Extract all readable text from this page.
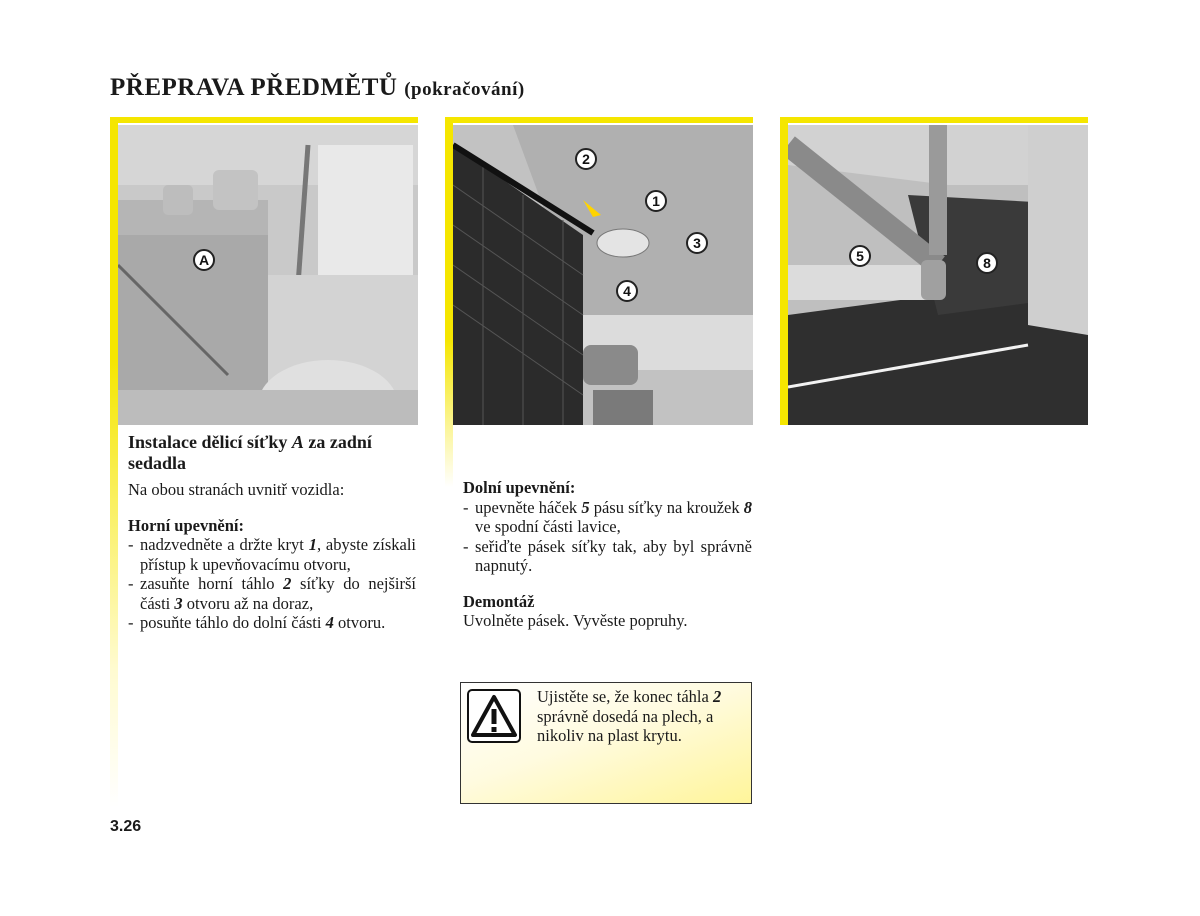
PŘEPRAVA PŘEDMĚTŮ (pokračování)
A
2
1
3
4
5	8
Instalace dělicí síťky A za zadní sedadla
Na obou stranách uvnitř vozidla:
Horní upevnění:
- nadzvedněte a držte kryt 1, abyste získali přístup k upevňovacímu otvoru,
- zasuňte horní táhlo 2 síťky do nejširší části 3 otvoru až na doraz,
- posuňte táhlo do dolní části 4 otvoru.
Dolní upevnění:
- upevněte háček 5 pásu síťky na kroužek 8 ve spodní části lavice,
- seřiďte pásek síťky tak, aby byl správně napnutý.
Demontáž
Uvolněte pásek. Vyvěste popruhy.
Ujistěte se, že konec táhla 2 správně dosedá na plech, a nikoliv na plast krytu.
3.26
